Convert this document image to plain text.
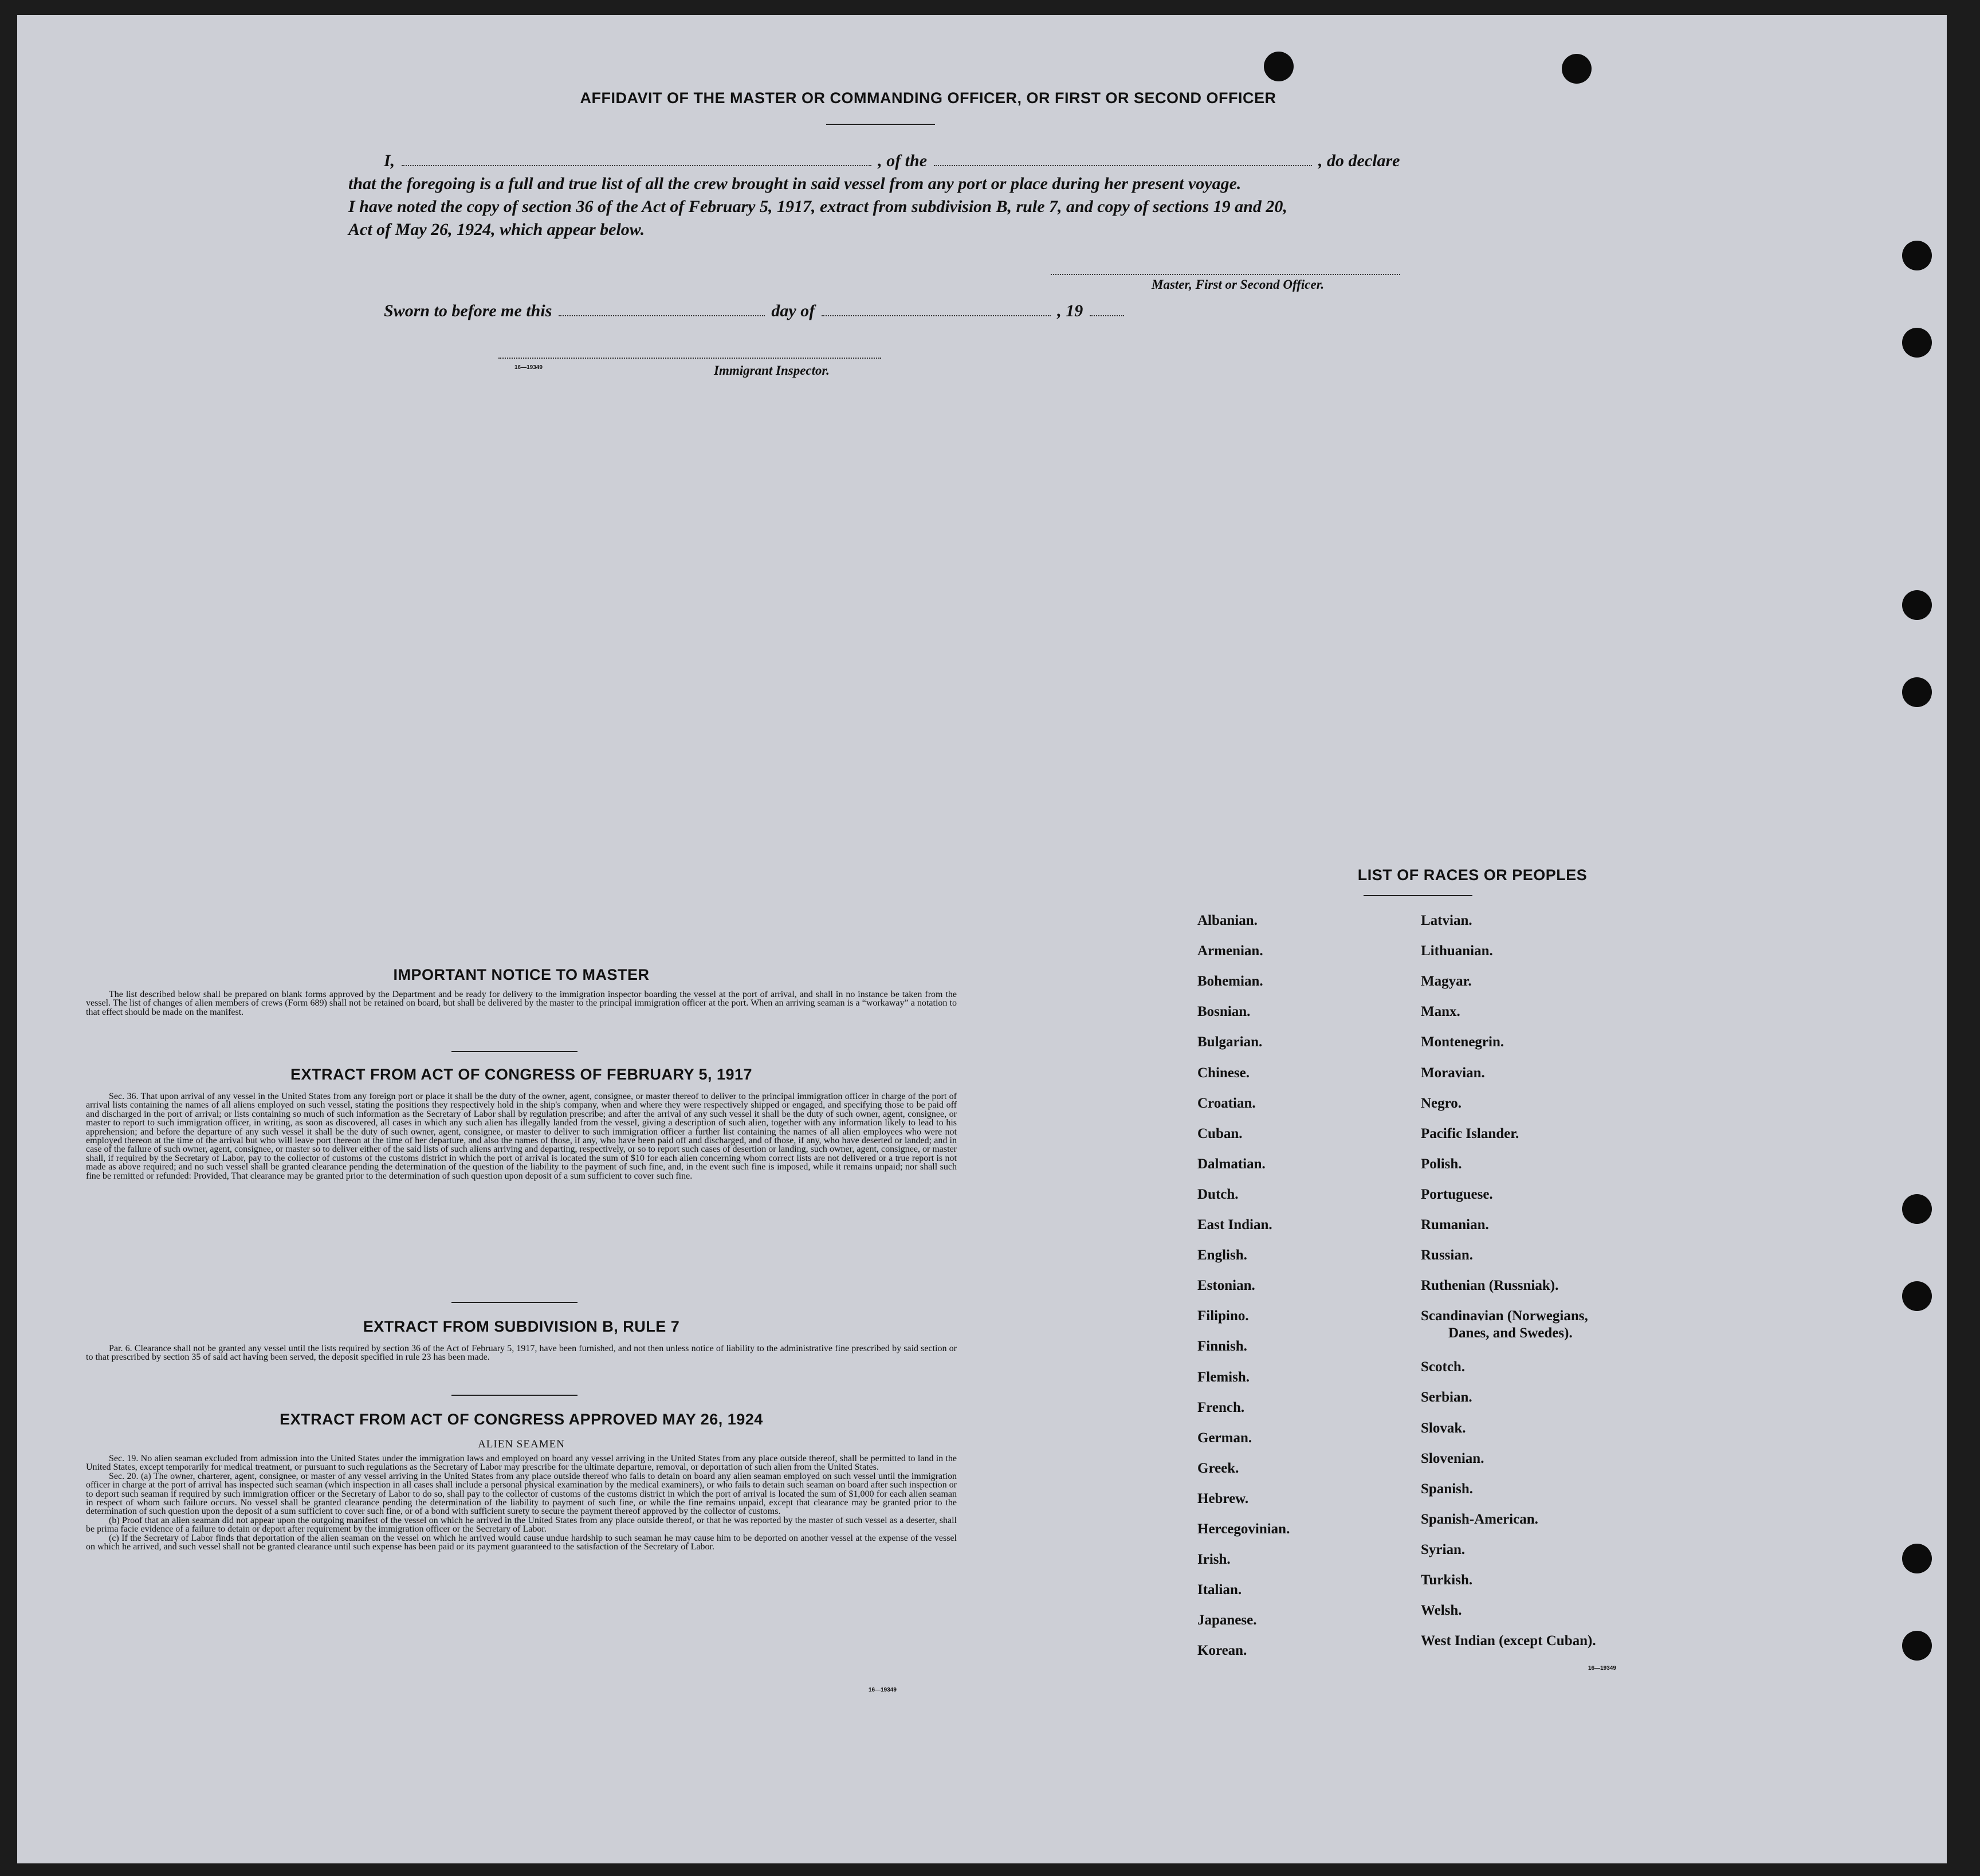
AFFIDAVIT OF THE MASTER OR COMMANDING OFFICER, OR FIRST OR SECOND OFFICER
I,	, of the	, do declare
that the foregoing is a full and true list of all the crew brought in said vessel from any port or place during her present voyage.
I have noted the copy of section 36 of the Act of February 5, 1917, extract from subdivision B, rule 7, and copy of sections 19 and 20,
Act of May 26, 1924, which appear below.
Master, First or Second Officer.
Sworn to before me this	day of	, 19
16—19349	Immigrant Inspector.
IMPORTANT NOTICE TO MASTER

The list described below shall be prepared on blank forms approved by the Department and be ready for delivery to the immigration inspector boarding the vessel at the port of arrival, and shall in no instance be taken from the vessel. The list of changes of alien members of crews (Form 689) shall not be retained on board, but shall be delivered by the master to the principal immigration officer at the port. When an arriving seaman is a “workaway” a notation to that effect should be made on the manifest.

EXTRACT FROM ACT OF CONGRESS OF FEBRUARY 5, 1917

Sec. 36. That upon arrival of any vessel in the United States from any foreign port or place it shall be the duty of the owner, agent, consignee, or master thereof to deliver to the principal immigration officer in charge of the port of arrival lists containing the names of all aliens employed on such vessel, stating the positions they respectively hold in the ship's company, when and where they were respectively shipped or engaged, and specifying those to be paid off and discharged in the port of arrival; or lists containing so much of such information as the Secretary of Labor shall by regulation prescribe; and after the arrival of any such vessel it shall be the duty of such owner, agent, consignee, or master to report to such immigration officer, in writing, as soon as discovered, all cases in which any such alien has illegally landed from the vessel, giving a description of such alien, together with any information likely to lead to his apprehension; and before the departure of any such vessel it shall be the duty of such owner, agent, consignee, or master to deliver to such immigration officer a further list containing the names of all alien employees who were not employed thereon at the time of the arrival but who will leave port thereon at the time of her departure, and also the names of those, if any, who have been paid off and discharged, and of those, if any, who have deserted or landed; and in case of the failure of such owner, agent, consignee, or master so to deliver either of the said lists of such aliens arriving and departing, respectively, or so to report such cases of desertion or landing, such owner, agent, consignee, or master shall, if required by the Secretary of Labor, pay to the collector of customs of the customs district in which the port of arrival is located the sum of $10 for each alien concerning whom correct lists are not delivered or a true report is not made as above required; and no such vessel shall be granted clearance pending the determination of the question of the liability to the payment of such fine, and, in the event such fine is imposed, while it remains unpaid; nor shall such fine be remitted or refunded: Provided, That clearance may be granted prior to the determination of such question upon deposit of a sum sufficient to cover such fine.

EXTRACT FROM SUBDIVISION B, RULE 7

Par. 6. Clearance shall not be granted any vessel until the lists required by section 36 of the Act of February 5, 1917, have been furnished, and not then unless notice of liability to the administrative fine prescribed by said section or to that prescribed by section 35 of said act having been served, the deposit specified in rule 23 has been made.

EXTRACT FROM ACT OF CONGRESS APPROVED MAY 26, 1924
ALIEN SEAMEN

Sec. 19. No alien seaman excluded from admission into the United States under the immigration laws and employed on board any vessel arriving in the United States from any place outside thereof, shall be permitted to land in the United States, except temporarily for medical treatment, or pursuant to such regulations as the Secretary of Labor may prescribe for the ultimate departure, removal, or deportation of such alien from the United States.

Sec. 20. (a) The owner, charterer, agent, consignee, or master of any vessel arriving in the United States from any place outside thereof who fails to detain on board any alien seaman employed on such vessel until the immigration officer in charge at the port of arrival has inspected such seaman (which inspection in all cases shall include a personal physical examination by the medical examiners), or who fails to detain such seaman on board after such inspection or to deport such seaman if required by such immigration officer or the Secretary of Labor to do so, shall pay to the collector of customs of the customs district in which the port of arrival is located the sum of $1,000 for each alien seaman in respect of whom such failure occurs. No vessel shall be granted clearance pending the determination of the liability to payment of such fine, or while the fine remains unpaid, except that clearance may be granted prior to the determination of such question upon the deposit of a sum sufficient to cover such fine, or of a bond with sufficient surety to secure the payment thereof approved by the collector of customs.

(b) Proof that an alien seaman did not appear upon the outgoing manifest of the vessel on which he arrived in the United States from any place outside thereof, or that he was reported by the master of such vessel as a deserter, shall be prima facie evidence of a failure to detain or deport after requirement by the immigration officer or the Secretary of Labor.

(c) If the Secretary of Labor finds that deportation of the alien seaman on the vessel on which he arrived would cause undue hardship to such seaman he may cause him to be deported on another vessel at the expense of the vessel on which he arrived, and such vessel shall not be granted clearance until such expense has been paid or its payment guaranteed to the satisfaction of the Secretary of Labor.

16—19349
LIST OF RACES OR PEOPLES
16—19349
Albanian.
Armenian.
Bohemian.
Bosnian.
Bulgarian.
Chinese.
Croatian.
Cuban.
Dalmatian.
Dutch.
East Indian.
English.
Estonian.
Filipino.
Finnish.
Flemish.
French.
German.
Greek.
Hebrew.
Hercegovinian.
Irish.
Italian.
Japanese.
Korean.
Latvian.
Lithuanian.
Magyar.
Manx.
Montenegrin.
Moravian.
Negro.
Pacific Islander.
Polish.
Portuguese.
Rumanian.
Russian.
Ruthenian (Russniak).
Scandinavian (Norwegians,
Danes, and Swedes).
Scotch.
Serbian.
Slovak.
Slovenian.
Spanish.
Spanish-American.
Syrian.
Turkish.
Welsh.
West Indian (except Cuban).
